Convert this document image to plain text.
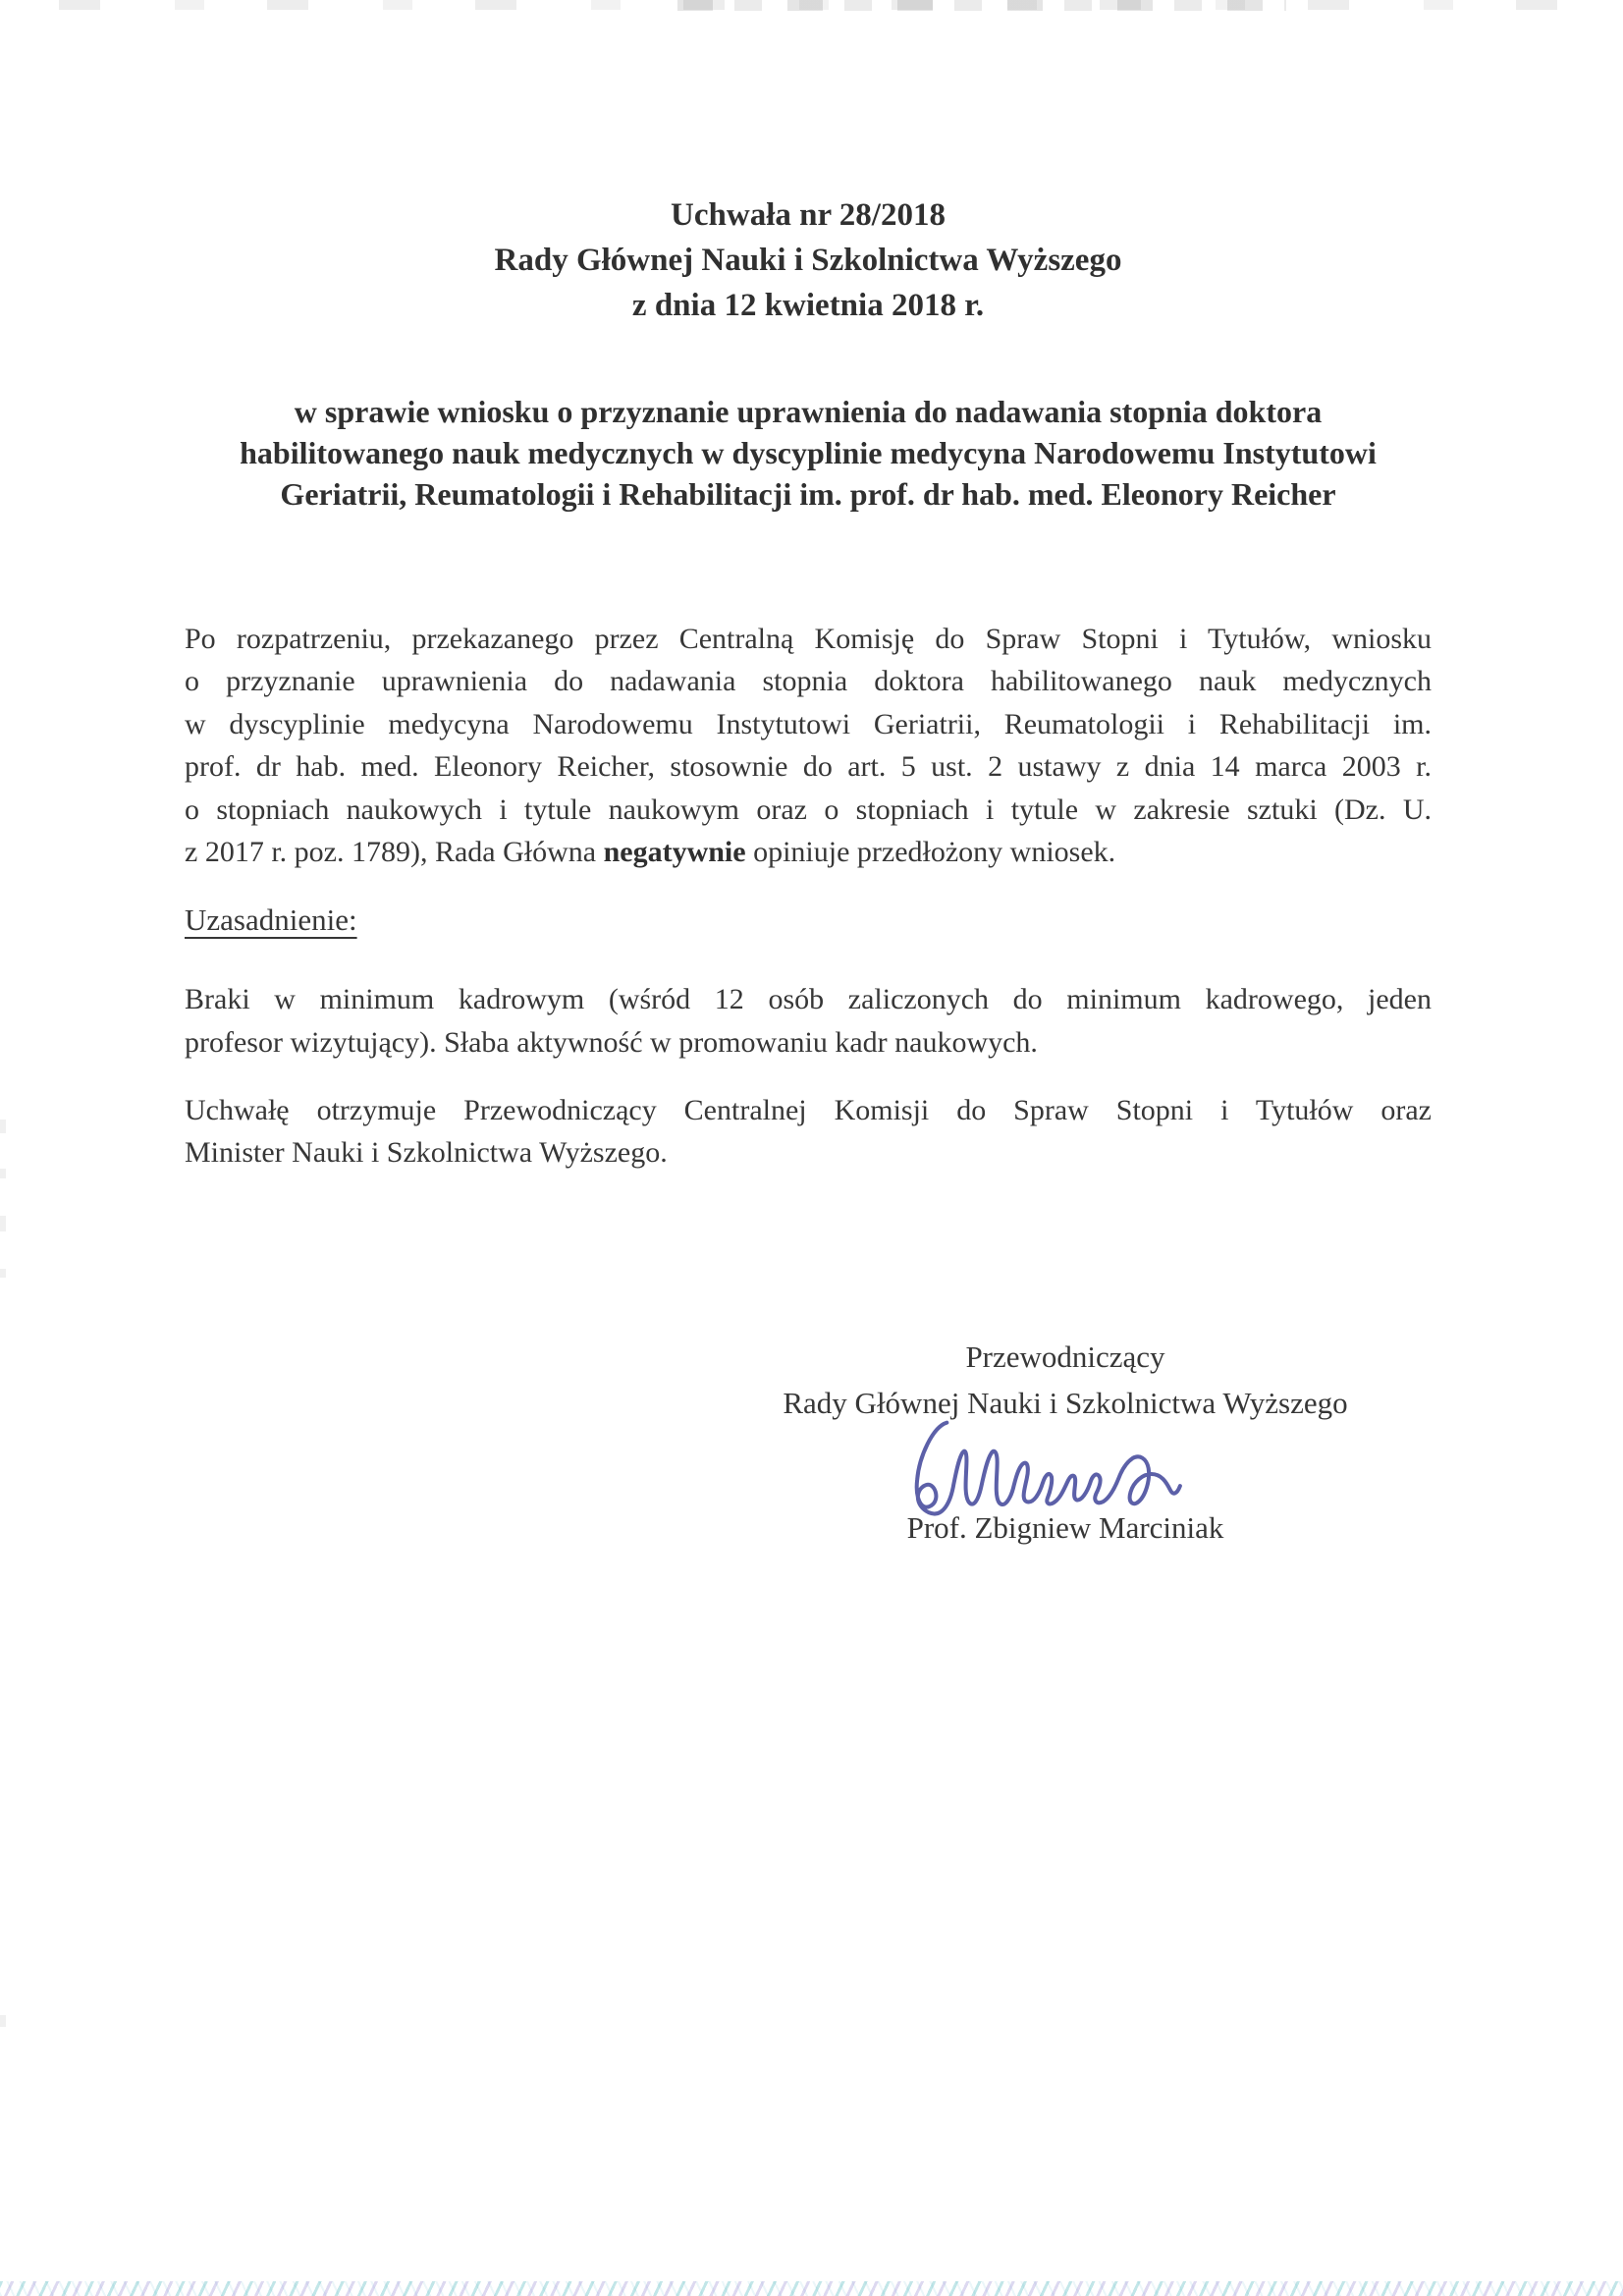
Uchwała nr 28/2018
Rady Głównej Nauki i Szkolnictwa Wyższego
z dnia 12 kwietnia 2018 r.
w sprawie wniosku o przyznanie uprawnienia do nadawania stopnia doktora
habilitowanego nauk medycznych w dyscyplinie medycyna Narodowemu Instytutowi
Geriatrii, Reumatologii i Rehabilitacji im. prof. dr hab. med. Eleonory Reicher
Po rozpatrzeniu, przekazanego przez Centralną Komisję do Spraw Stopni i Tytułów, wniosku
o przyznanie uprawnienia do nadawania stopnia doktora habilitowanego nauk medycznych
w dyscyplinie medycyna Narodowemu Instytutowi Geriatrii, Reumatologii i Rehabilitacji im.
prof. dr hab. med. Eleonory Reicher, stosownie do art. 5 ust. 2 ustawy z dnia 14 marca 2003 r.
o stopniach naukowych i tytule naukowym oraz o stopniach i tytule w zakresie sztuki (Dz. U.
z 2017 r. poz. 1789), Rada Główna negatywnie opiniuje przedłożony wniosek.
Uzasadnienie:
Braki w minimum kadrowym (wśród 12 osób zaliczonych do minimum kadrowego, jeden
profesor wizytujący). Słaba aktywność w promowaniu kadr naukowych.
Uchwałę otrzymuje Przewodniczący Centralnej Komisji do Spraw Stopni i Tytułów oraz
Minister Nauki i Szkolnictwa Wyższego.
Przewodniczący
Rady Głównej Nauki i Szkolnictwa Wyższego
Prof. Zbigniew Marciniak
